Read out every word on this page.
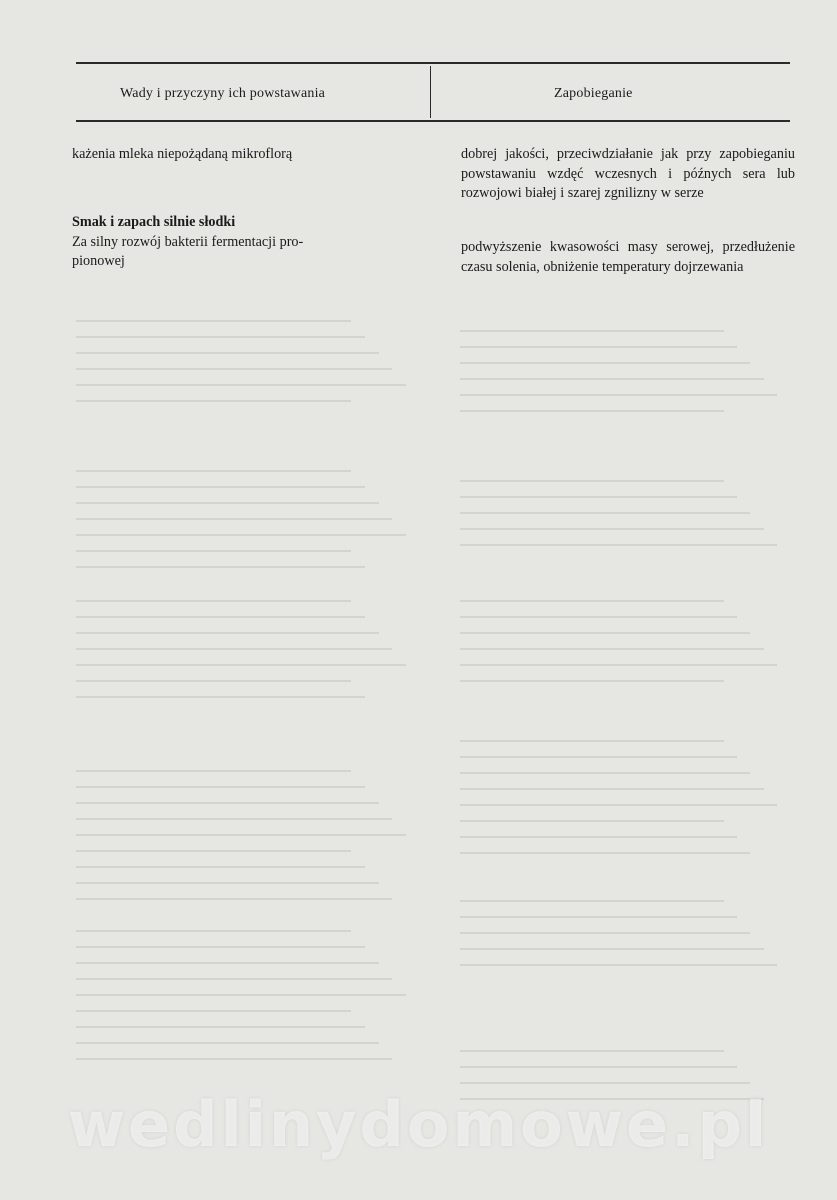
Wady i przyczyny ich powstawania	Zapobieganie

każenia mleka niepożądaną mikroflorą

Smak i zapach silnie słodki

Za silny rozwój bakterii fermentacji pro-

pionowej

dobrej jakości, przeciwdziałanie jak przy zapobieganiu powstawaniu wzdęć wczesnych i późnych sera lub rozwojowi białej i szarej zgnilizny w serze

podwyższenie kwasowości masy serowej, przedłużenie czasu solenia, obniżenie temperatury dojrzewania

wedlinydomowe.pl
